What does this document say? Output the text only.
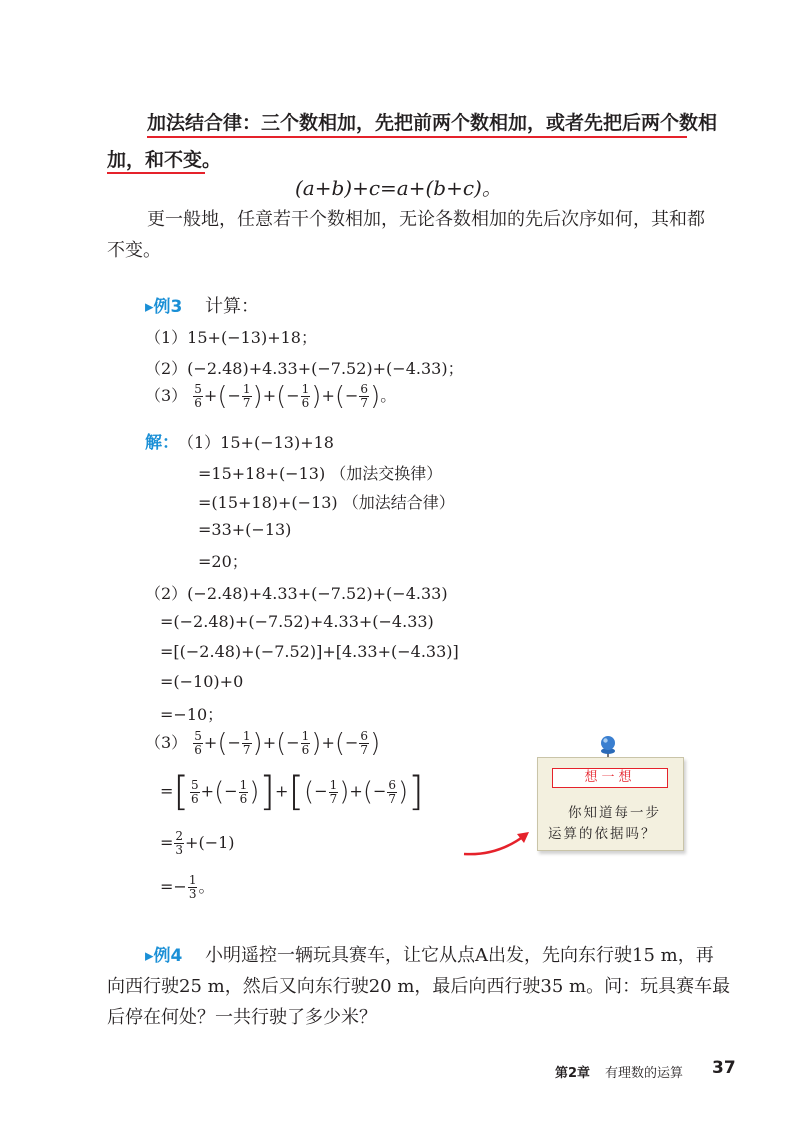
加法结合律：三个数相加，先把前两个数相加，或者先把后两个数相
加，和不变。
(a+b)+c=a+(b+c)。
更一般地，任意若干个数相加，无论各数相加的先后次序如何，其和都
不变。
▸例3 计算：
（1）15+(−13)+18；
（2）(−2.48)+4.33+(−7.52)+(−4.33)；
$(3) \frac{5}{6}$ +(− $\frac{1}{7}$ )+(− $\frac{1}{6}$ )+(− $\frac{6}{7}$ )。
解： （1）15+(−13)+18
=15+18+(−13) （加法交换律）
=(15+18)+(−13) （加法结合律）
=33+(−13)
=20；
（2）(−2.48)+4.33+(−7.52)+(−4.33)
=(−2.48)+(−7.52)+4.33+(−4.33)
=[(−2.48)+(−7.52)]+[4.33+(−4.33)]
=(−10)+0
=−10；
$(3) \frac{5}{6}$ +(− $\frac{1}{7}$ )+(− $\frac{1}{6}$ )+(− $\frac{6}{7}$ )
=[ $\frac{5}{6}$ +(− $\frac{1}{6}$ )]+[(− $\frac{1}{7}$ )+(− $\frac{6}{7}$ )]
= $\frac{2}{3} +(-1)$
=− $\frac{1}{3}$ 。
想一想
你知道每一步
运算的依据吗？
▸例4 小明遥控一辆玩具赛车，让它从点A出发，先向东行驶15 m，再
向西行驶25 m，然后又向东行驶20 m，最后向西行驶35 m。问：玩具赛车最
后停在何处？一共行驶了多少米？
第2章 有理数的运算 37
